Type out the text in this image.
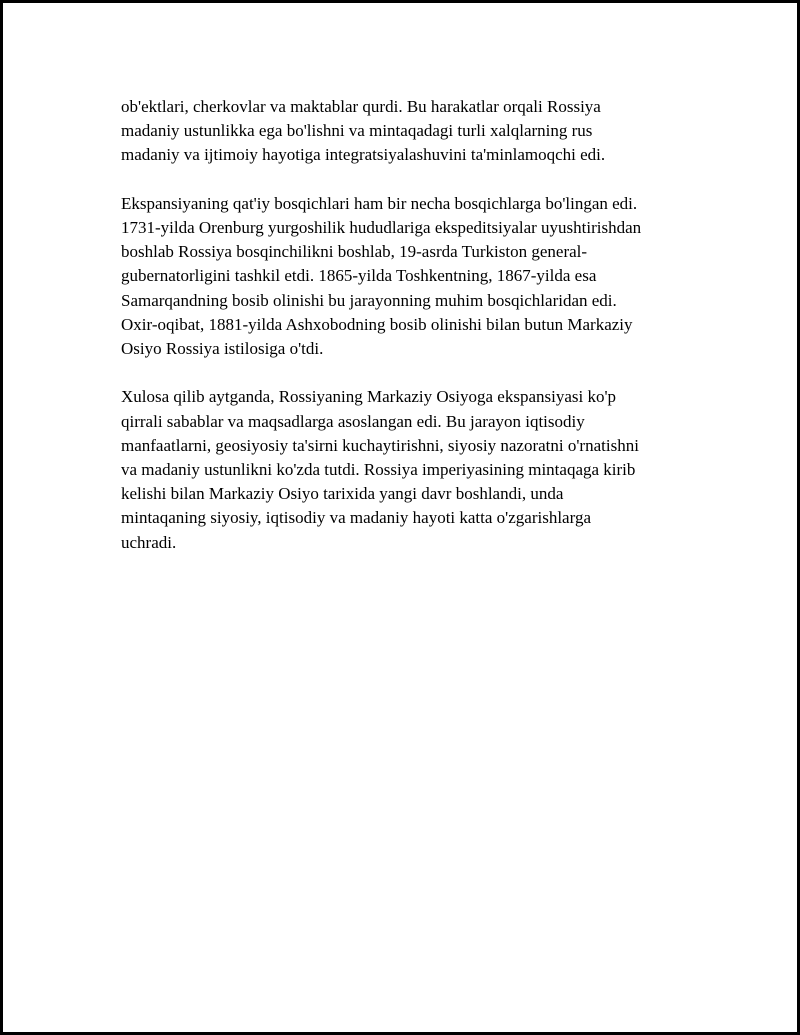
ob'ektlari, cherkovlar va maktablar qurdi. Bu harakatlar orqali Rossiya
madaniy ustunlikka ega bo'lishni va mintaqadagi turli xalqlarning rus
madaniy va ijtimoiy hayotiga integratsiyalashuvini ta'minlamoqchi edi.

Ekspansiyaning qat'iy bosqichlari ham bir necha bosqichlarga bo'lingan edi.
1731-yilda Orenburg yurgoshilik hududlariga ekspeditsiyalar uyushtirishdan
boshlab Rossiya bosqinchilikni boshlab, 19-asrda Turkiston general-
gubernatorligini tashkil etdi. 1865-yilda Toshkentning, 1867-yilda esa
Samarqandning bosib olinishi bu jarayonning muhim bosqichlaridan edi.
Oxir-oqibat, 1881-yilda Ashxobodning bosib olinishi bilan butun Markaziy
Osiyo Rossiya istilosiga o'tdi.

Xulosa qilib aytganda, Rossiyaning Markaziy Osiyoga ekspansiyasi ko'p
qirrali sabablar va maqsadlarga asoslangan edi. Bu jarayon iqtisodiy
manfaatlarni, geosiyosiy ta'sirni kuchaytirishni, siyosiy nazoratni o'rnatishni
va madaniy ustunlikni ko'zda tutdi. Rossiya imperiyasining mintaqaga kirib
kelishi bilan Markaziy Osiyo tarixida yangi davr boshlandi, unda
mintaqaning siyosiy, iqtisodiy va madaniy hayoti katta o'zgarishlarga
uchradi.
